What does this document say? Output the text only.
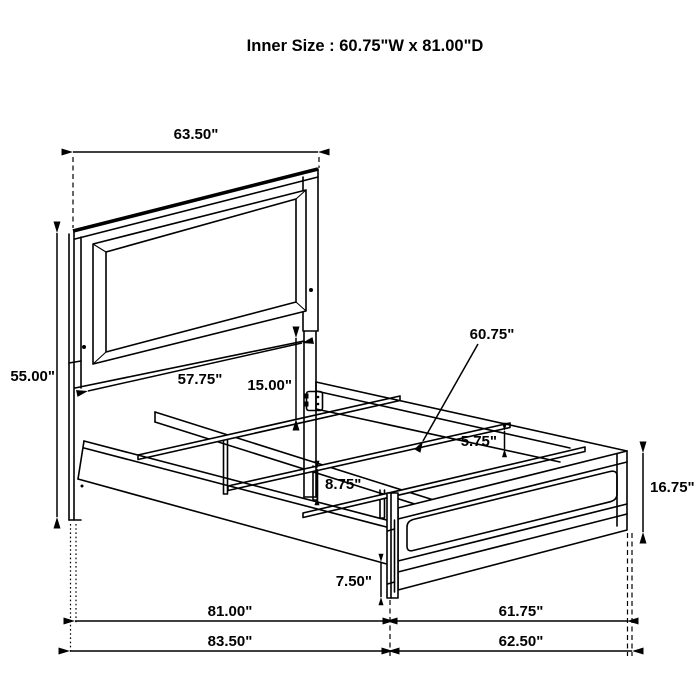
Inner Size : 60.75"W x 81.00"D
63.50"
55.00"	57.75" 15.00"
60.75"
5.75"
8.75"	16.75"
7.50"
81.00"	61.75"
83.50"	62.50"
